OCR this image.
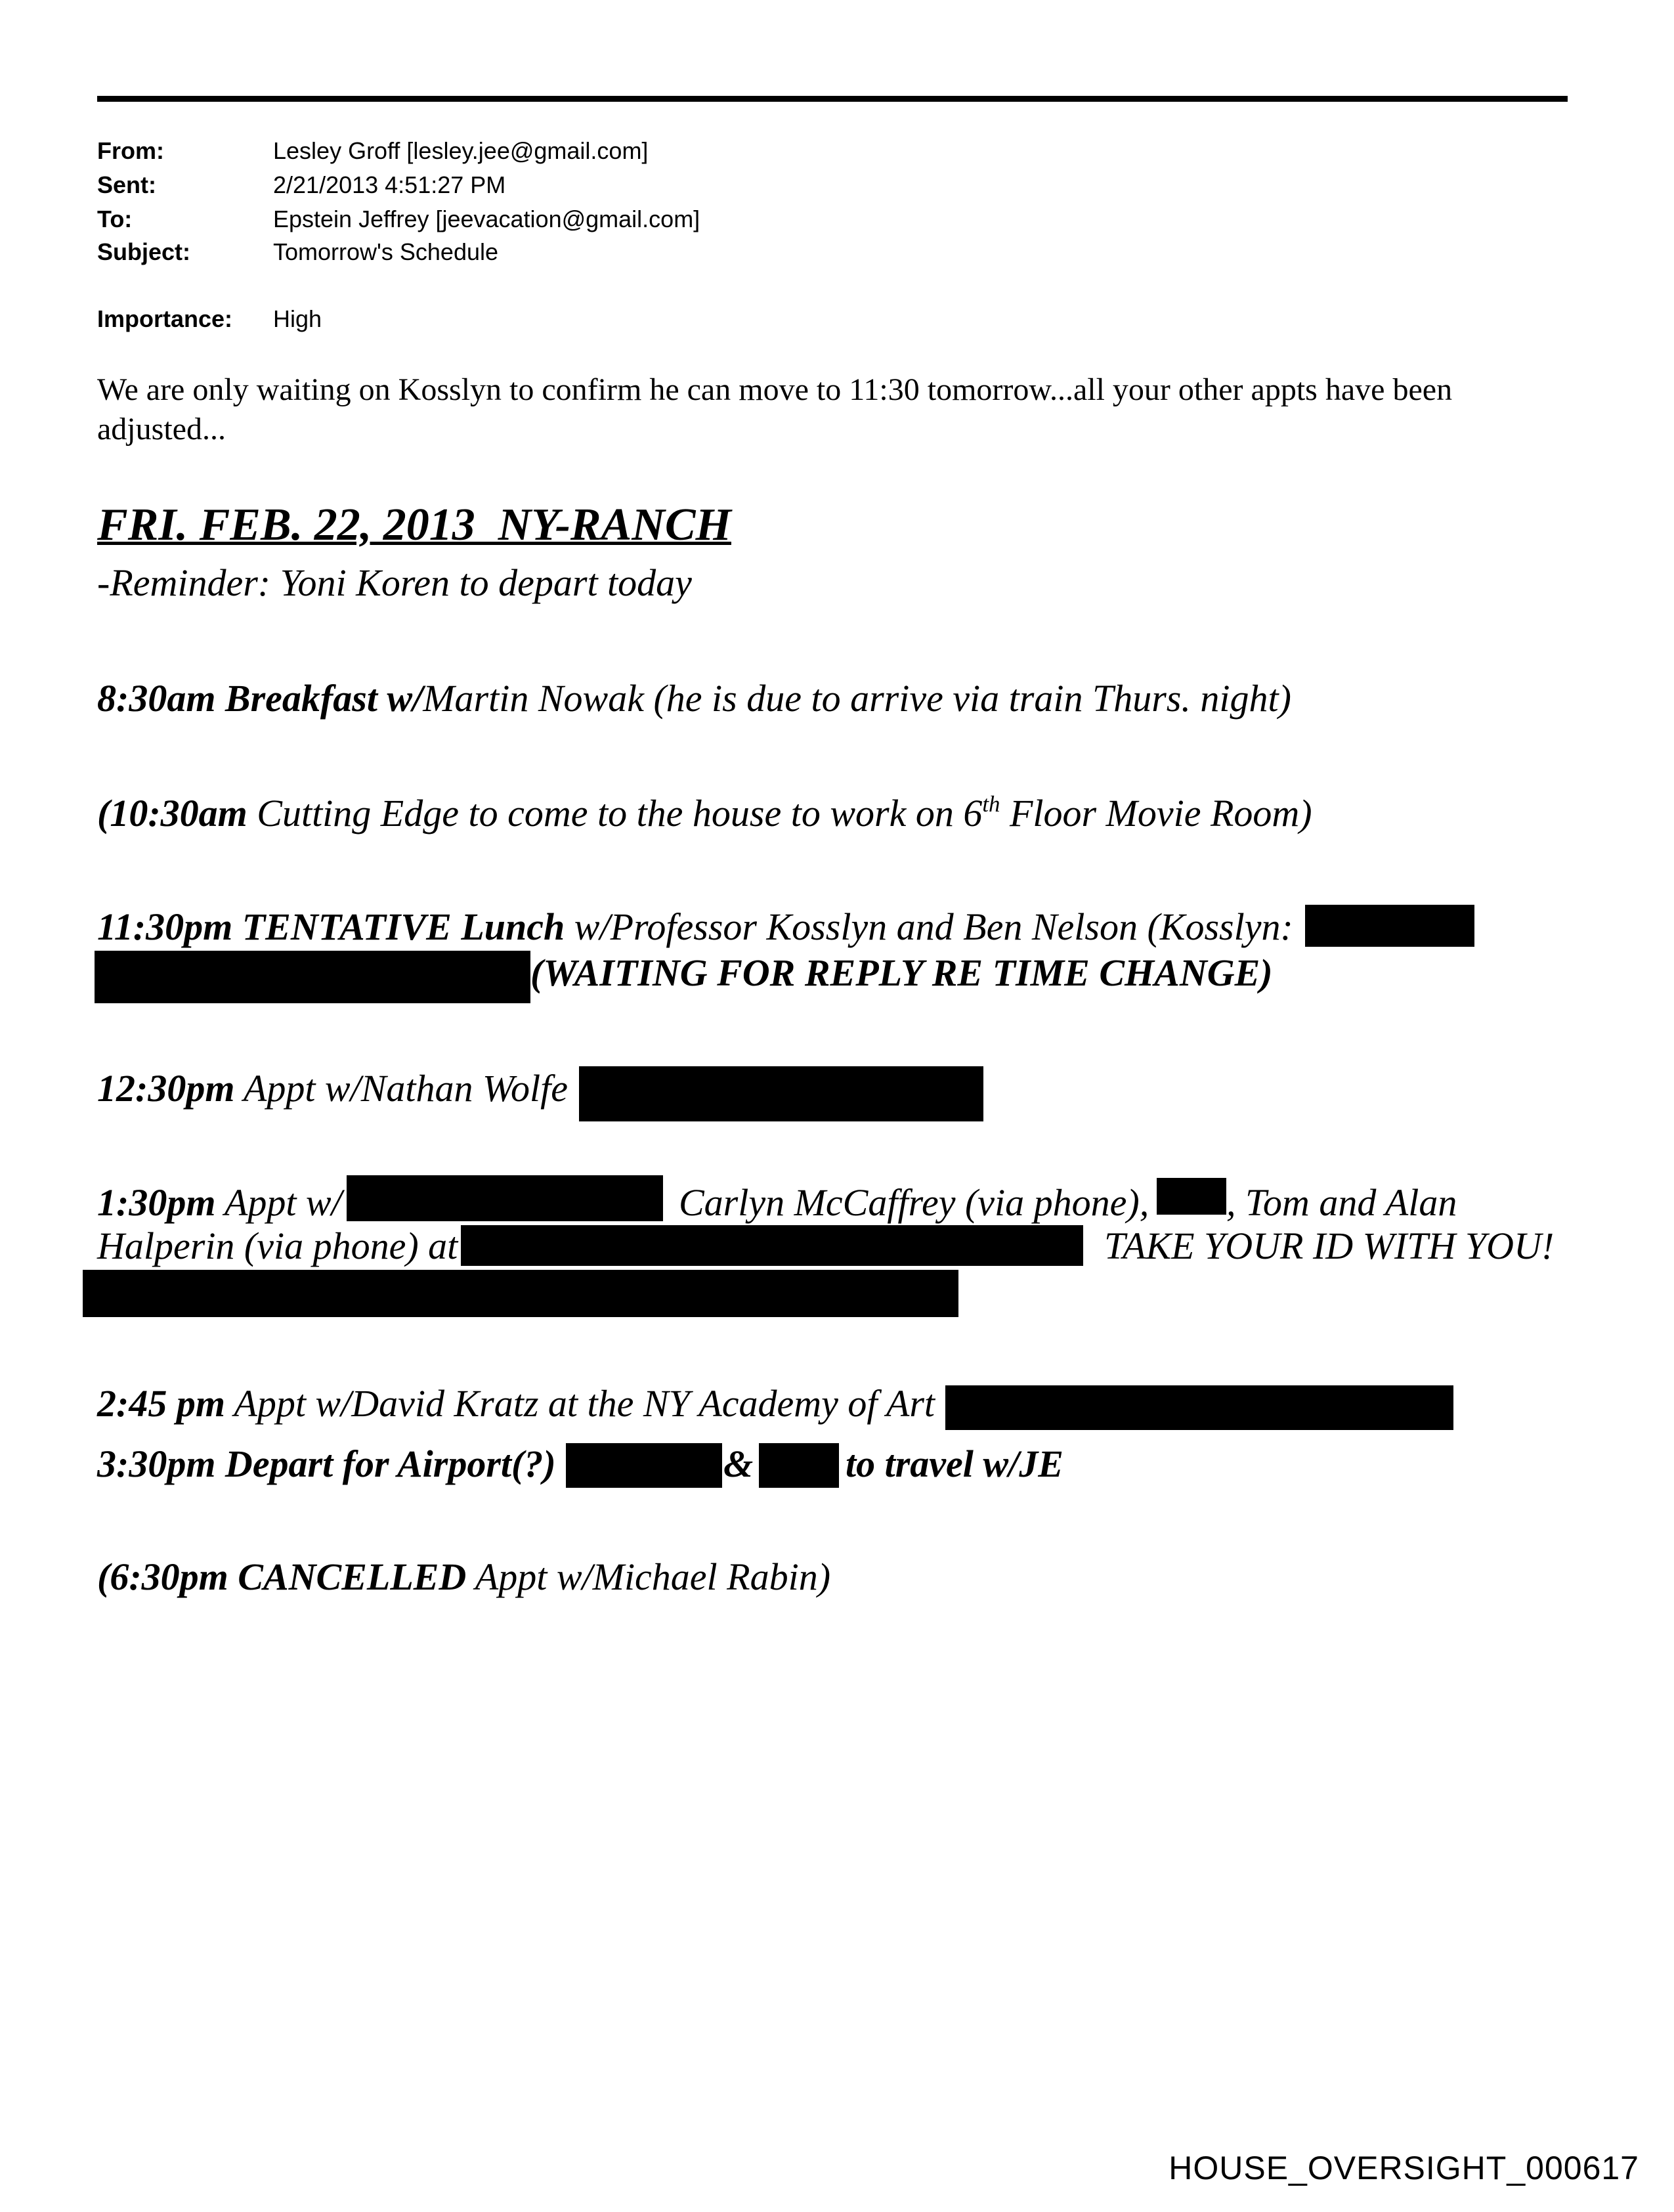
From:	Lesley Groff [lesley.jee@gmail.com]
Sent:	2/21/2013 4:51:27 PM
To:	Epstein Jeffrey [jeevacation@gmail.com]
Subject:	Tomorrow's Schedule
Importance: High
We are only waiting on Kosslyn to confirm he can move to 11:30 tomorrow...all your other appts have been
adjusted...
FRI. FEB. 22, 2013  NY-RANCH
-Reminder: Yoni Koren to depart today
8:30am Breakfast w/Martin Nowak (he is due to arrive via train Thurs. night)
(10:30am Cutting Edge to come to the house to work on 6th Floor Movie Room)
11:30pm TENTATIVE Lunch w/Professor Kosslyn and Ben Nelson (Kosslyn:
(WAITING FOR REPLY RE TIME CHANGE)
12:30pm Appt w/Nathan Wolfe
1:30pm Appt w/	Carlyn McCaffrey (via phone), , Tom and Alan
Halperin (via phone) at	TAKE YOUR ID WITH YOU!
2:45 pm Appt w/David Kratz at the NY Academy of Art
3:30pm Depart for Airport(?)	& to travel w/JE
(6:30pm CANCELLED Appt w/Michael Rabin)
HOUSE_OVERSIGHT_000617
